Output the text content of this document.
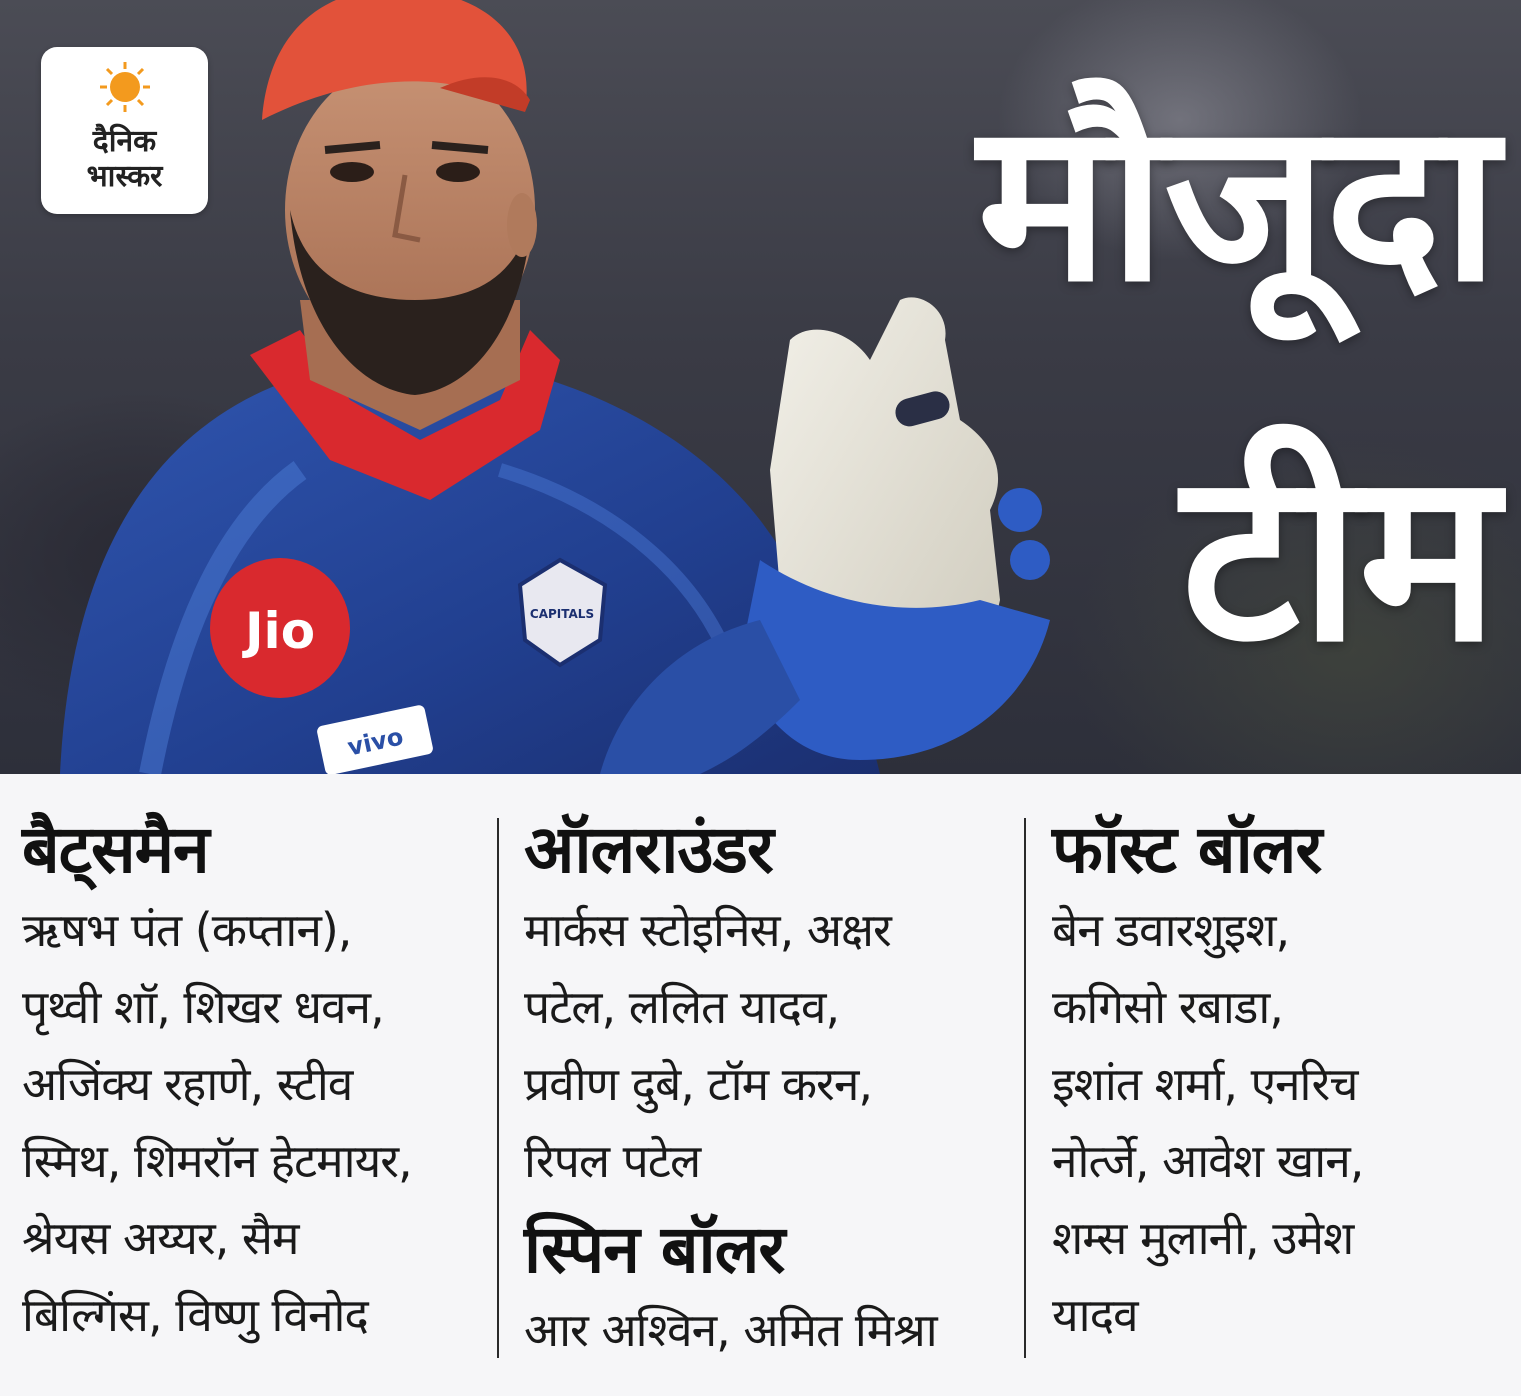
Jio	CAPITALS
vivo
दैनिक
भास्कर	मौजूदा
टीम
बैट्समैन

ऋषभ पंत (कप्तान),

पृथ्वी शॉ, शिखर धवन,

अजिंक्य रहाणे, स्टीव

स्मिथ, शिमरॉन हेटमायर,

श्रेयस अय्यर, सैम

बिल्गिंस, विष्णु विनोद

ऑलराउंडर

मार्कस स्टोइनिस, अक्षर

पटेल, ललित यादव,

प्रवीण दुबे, टॉम करन,

रिपल पटेल

स्पिन बॉलर

आर अश्विन, अमित मिश्रा

फॉस्ट बॉलर

बेन डवारशुइश,

कगिसो रबाडा,

इशांत शर्मा, एनरिच

नोर्त्जे, आवेश खान,

शम्स मुलानी, उमेश

यादव
